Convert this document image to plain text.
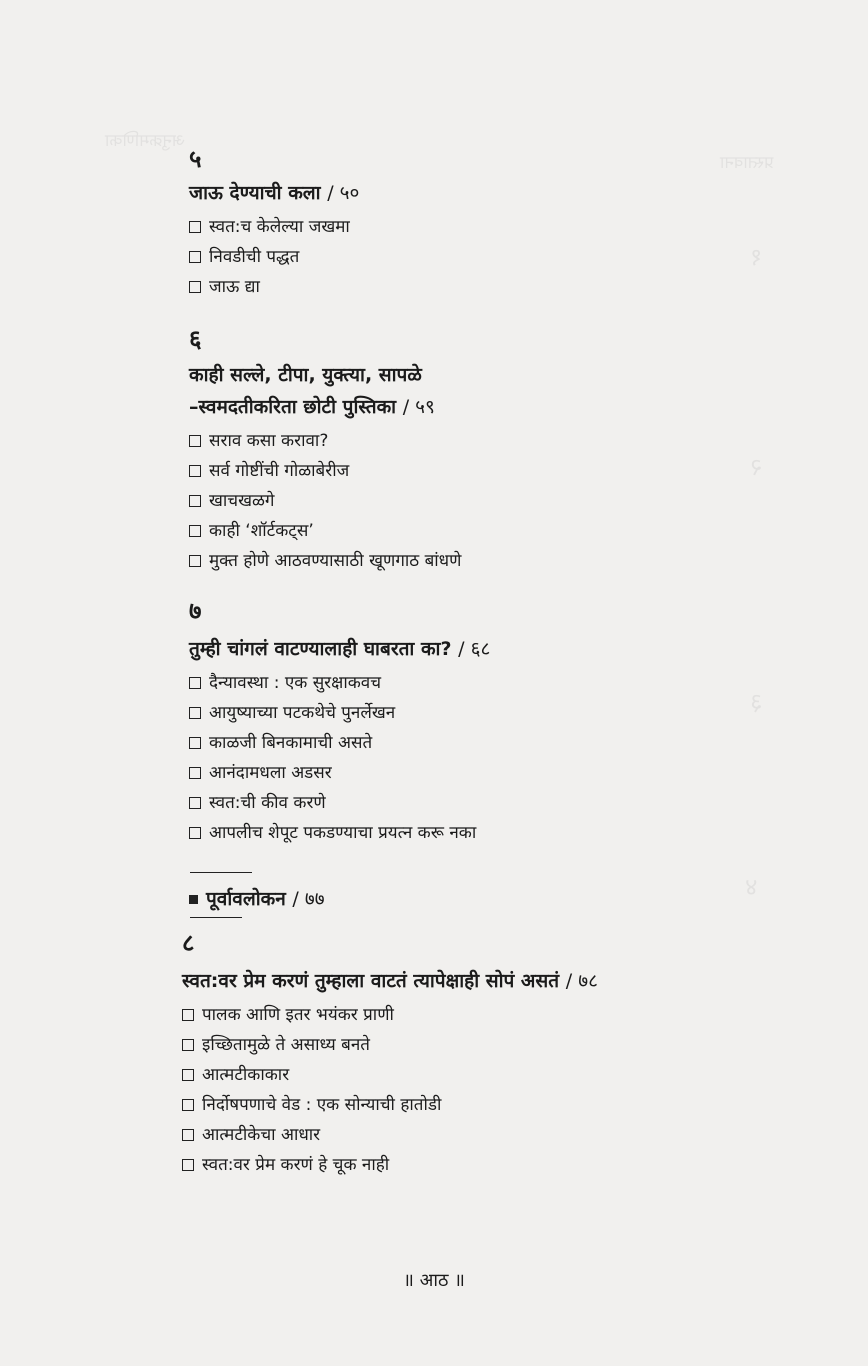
अनुक्रमणिका
प्रस्तावना
१
२
३
४
५
जाऊ देण्याची कला / ५०
स्वत:च केलेल्या जखमा
निवडीची पद्धत
जाऊ द्या
६
काही सल्ले, टीपा, युक्त्या, सापळे
–स्वमदतीकरिता छोटी पुस्तिका / ५९
सराव कसा करावा?
सर्व गोष्टींची गोळाबेरीज
खाचखळगे
काही ‘शॉर्टकट्स’
मुक्त होणे आठवण्यासाठी खूणगाठ बांधणे
७
तुम्ही चांगलं वाटण्यालाही घाबरता का? / ६८
दैन्यावस्था : एक सुरक्षाकवच
आयुष्याच्या पटकथेचे पुनर्लेखन
काळजी बिनकामाची असते
आनंदामधला अडसर
स्वत:ची कीव करणे
आपलीच शेपूट पकडण्याचा प्रयत्न करू नका
पूर्वावलोकन / ७७
८
स्वत:वर प्रेम करणं तुम्हाला वाटतं त्यापेक्षाही सोपं असतं / ७८
पालक आणि इतर भयंकर प्राणी
इच्छितामुळे ते असाध्य बनते
आत्मटीकाकार
निर्दोषपणाचे वेड : एक सोन्याची हातोडी
आत्मटीकेचा आधार
स्वत:वर प्रेम करणं हे चूक नाही
॥ आठ ॥
